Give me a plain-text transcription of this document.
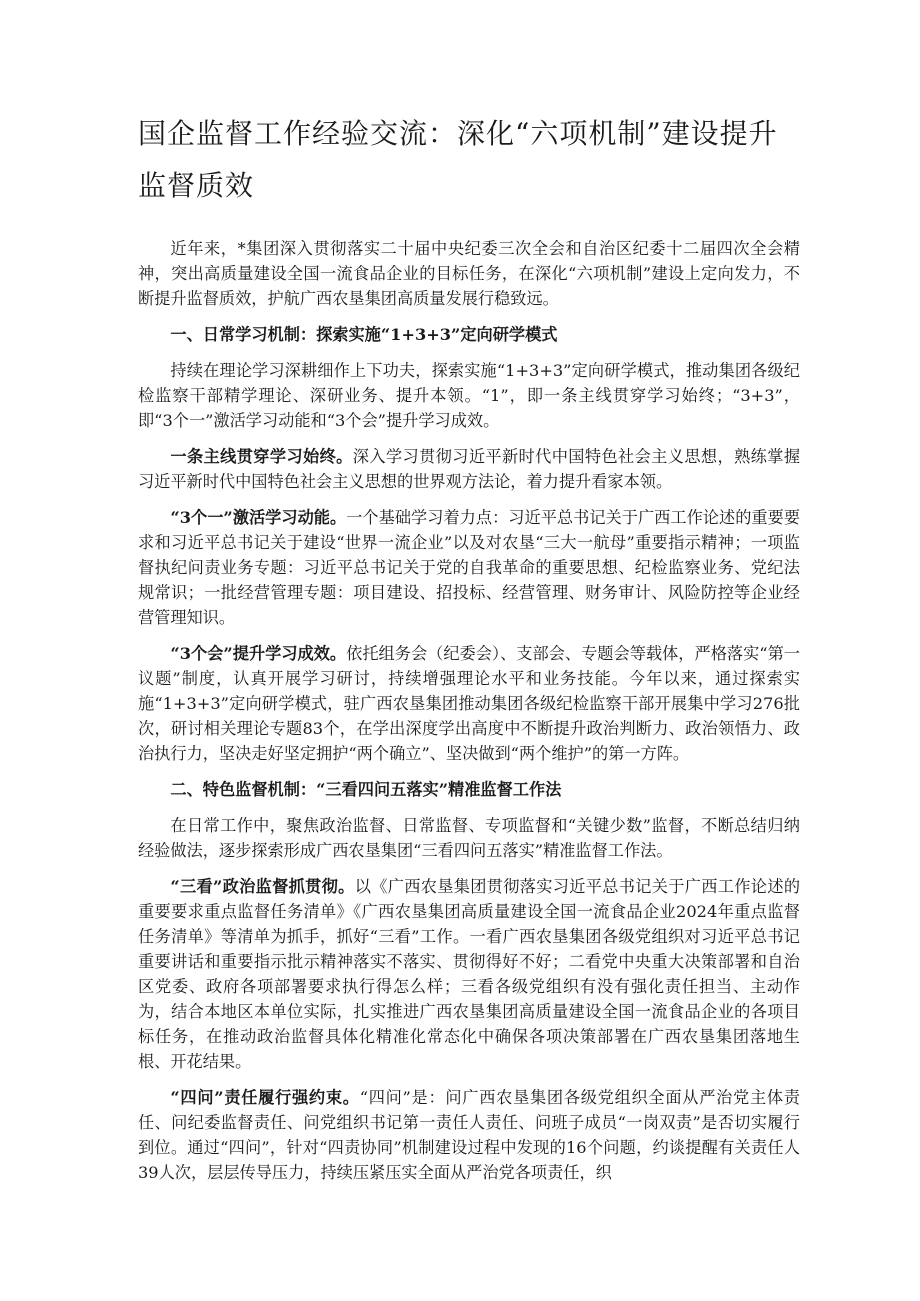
国企监督工作经验交流：深化“六项机制”建设提升监督质效

近年来，*集团深入贯彻落实二十届中央纪委三次全会和自治区纪委十二届四次全会精神，突出高质量建设全国一流食品企业的目标任务，在深化“六项机制”建设上定向发力，不断提升监督质效，护航广西农垦集团高质量发展行稳致远。

一、日常学习机制：探索实施“1+3+3”定向研学模式

持续在理论学习深耕细作上下功夫，探索实施“1+3+3”定向研学模式，推动集团各级纪检监察干部精学理论、深研业务、提升本领。“1”，即一条主线贯穿学习始终；“3+3”，即“3个一”激活学习动能和“3个会”提升学习成效。

一条主线贯穿学习始终。深入学习贯彻习近平新时代中国特色社会主义思想，熟练掌握习近平新时代中国特色社会主义思想的世界观方法论，着力提升看家本领。

“3个一”激活学习动能。一个基础学习着力点：习近平总书记关于广西工作论述的重要要求和习近平总书记关于建设“世界一流企业”以及对农垦“三大一航母”重要指示精神；一项监督执纪问责业务专题：习近平总书记关于党的自我革命的重要思想、纪检监察业务、党纪法规常识；一批经营管理专题：项目建设、招投标、经营管理、财务审计、风险防控等企业经营管理知识。

“3个会”提升学习成效。依托组务会（纪委会）、支部会、专题会等载体，严格落实“第一议题”制度，认真开展学习研讨，持续增强理论水平和业务技能。今年以来，通过探索实施“1+3+3”定向研学模式，驻广西农垦集团推动集团各级纪检监察干部开展集中学习276批次，研讨相关理论专题83个，在学出深度学出高度中不断提升政治判断力、政治领悟力、政治执行力，坚决走好坚定拥护“两个确立”、坚决做到“两个维护”的第一方阵。

二、特色监督机制：“三看四问五落实”精准监督工作法

在日常工作中，聚焦政治监督、日常监督、专项监督和“关键少数”监督，不断总结归纳经验做法，逐步探索形成广西农垦集团“三看四问五落实”精准监督工作法。

“三看”政治监督抓贯彻。以《广西农垦集团贯彻落实习近平总书记关于广西工作论述的重要要求重点监督任务清单》《广西农垦集团高质量建设全国一流食品企业2024年重点监督任务清单》等清单为抓手，抓好“三看”工作。一看广西农垦集团各级党组织对习近平总书记重要讲话和重要指示批示精神落实不落实、贯彻得好不好；二看党中央重大决策部署和自治区党委、政府各项部署要求执行得怎么样；三看各级党组织有没有强化责任担当、主动作为，结合本地区本单位实际，扎实推进广西农垦集团高质量建设全国一流食品企业的各项目标任务，在推动政治监督具体化精准化常态化中确保各项决策部署在广西农垦集团落地生根、开花结果。

“四问”责任履行强约束。“四问”是：问广西农垦集团各级党组织全面从严治党主体责任、问纪委监督责任、问党组织书记第一责任人责任、问班子成员“一岗双责”是否切实履行到位。通过“四问”，针对“四责协同”机制建设过程中发现的16个问题，约谈提醒有关责任人39人次，层层传导压力，持续压紧压实全面从严治党各项责任，织
